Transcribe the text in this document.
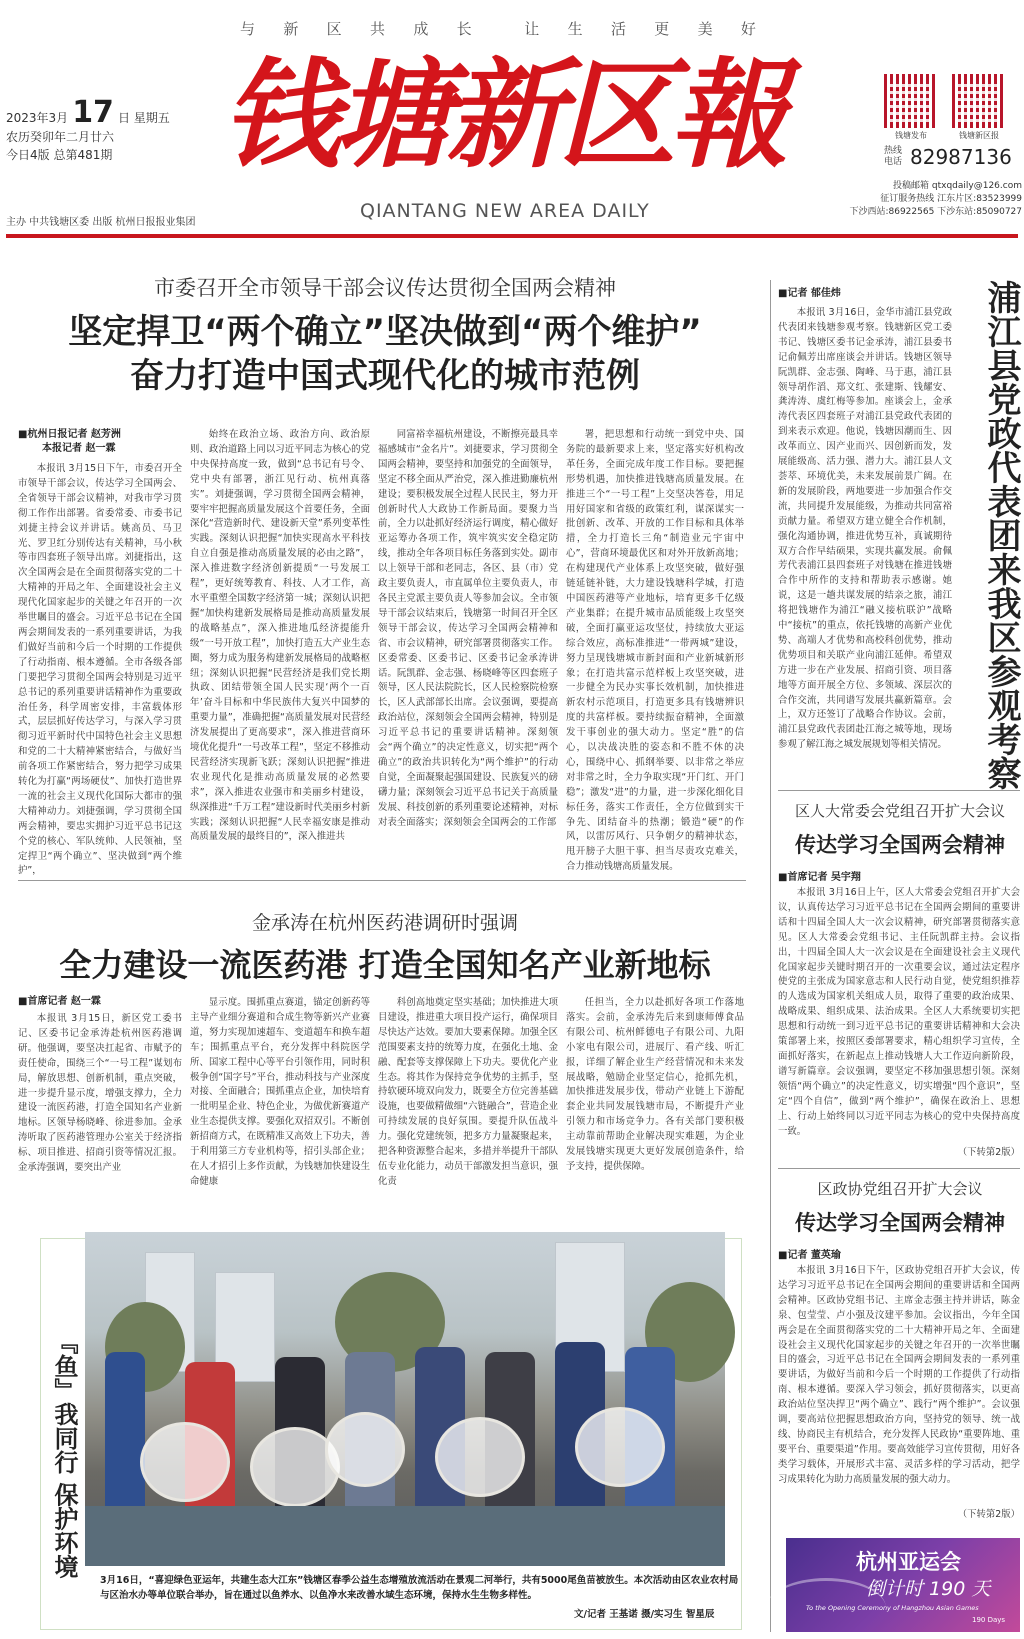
与 新 区 共 成 长	让 生 活 更 美 好
2023年3月 17 日 星期五
农历癸卯年二月廿六
今日4版 总第481期
主办 中共钱塘区委 出版 杭州日报报业集团
钱塘新区報
QIANTANG NEW AREA DAILY
钱塘发布	钱塘新区报
热线电话 82987136
投稿邮箱 qtxqdaily@126.com
征订服务热线 江东片区:83523999
下沙西站:86922565 下沙东站:85090727
市委召开全市领导干部会议传达贯彻全国两会精神
坚定捍卫“两个确立”坚决做到“两个维护”
奋力打造中国式现代化的城市范例
■杭州日报记者 赵芳洲
本报记者 赵一霖

本报讯 3月15日下午，市委召开全市领导干部会议，传达学习全国两会、全省领导干部会议精神，对我市学习贯彻工作作出部署。省委常委、市委书记刘捷主持会议并讲话。姚高员、马卫光、罗卫红分别传达有关精神，马小秋等市四套班子领导出席。刘捷指出，这次全国两会是在全面贯彻落实党的二十大精神的开局之年、全面建设社会主义现代化国家起步的关键之年召开的一次举世瞩目的盛会。习近平总书记在全国两会期间发表的一系列重要讲话，为我们做好当前和今后一个时期的工作提供了行动指南、根本遵循。全市各级各部门要把学习贯彻全国两会特别是习近平总书记的系列重要讲话精神作为重要政治任务，科学周密安排，丰富载体形式，层层抓好传达学习，与深入学习贯彻习近平新时代中国特色社会主义思想和党的二十大精神紧密结合，与做好当前各项工作紧密结合，努力把学习成果转化为打赢“两场硬仗”、加快打造世界一流的社会主义现代化国际大都市的强大精神动力。刘捷强调，学习贯彻全国两会精神，要忠实拥护习近平总书记这个党的核心、军队统帅、人民领袖，坚定捍卫“两个确立”、坚决做到“两个维护”，

始终在政治立场、政治方向、政治原则、政治道路上同以习近平同志为核心的党中央保持高度一致，做到“总书记有号令、党中央有部署，浙江见行动、杭州真落实”。刘捷强调，学习贯彻全国两会精神，要牢牢把握高质量发展这个首要任务，全面深化“营造新时代、建设新天堂”系列变革性实践。深刻认识把握“加快实现高水平科技自立自强是推动高质量发展的必由之路”，深入推进数字经济创新提质“一号发展工程”，更好统筹教育、科技、人才工作，高水平重塑全国数字经济第一城；深刻认识把握“加快构建新发展格局是推动高质量发展的战略基点”，深入推进地瓜经济提能升级“一号开放工程”，加快打造五大产业生态圈，努力成为服务构建新发展格局的战略枢纽；深刻认识把握“民营经济是我们党长期执政、团结带领全国人民实现‘两个一百年’奋斗目标和中华民族伟大复兴中国梦的重要力量”，准确把握“高质量发展对民营经济发展提出了更高要求”，深入推进营商环境优化提升“一号改革工程”，坚定不移推动民营经济实现新飞跃；深刻认识把握“推进农业现代化是推动高质量发展的必然要求”，深入推进农业强市和美丽乡村建设，纵深推进“千万工程”建设新时代美丽乡村新实践；深刻认识把握“人民幸福安康是推动高质量发展的最终目的”，深入推进共

同富裕幸福杭州建设，不断擦亮最具幸福感城市“金名片”。刘捷要求，学习贯彻全国两会精神，要坚持和加强党的全面领导，坚定不移全面从严治党，深入推进勤廉杭州建设；要积极发展全过程人民民主，努力开创新时代人大政协工作新局面。要聚力当前，全力以赴抓好经济运行调度，精心做好亚运筹办各项工作，筑牢筑实安全稳定防线，推动全年各项目标任务落到实处。副市以上领导干部和老同志，各区、县（市）党政主要负责人，市直属单位主要负责人，市各民主党派主要负责人等参加会议。全市领导干部会议结束后，钱塘第一时间召开全区领导干部会议，传达学习全国两会精神和省、市会议精神，研究部署贯彻落实工作。区委常委、区委书记、区委书记金承涛讲话。阮凯群、金志强、杨晓峰等区四套班子领导，区人民法院院长，区人民检察院检察长，区人武部部长出席。会议强调，要提高政治站位，深刻领会全国两会精神，特别是习近平总书记的重要讲话精神。深刻领会“两个确立”的决定性意义，切实把“两个确立”的政治共识转化为“两个维护”的行动自觉，全面凝聚起强国建设、民族复兴的磅礴力量；深刻领会习近平总书记关于高质量发展、科技创新的系列重要论述精神，对标对表全面落实；深刻领会全国两会的工作部

署，把思想和行动统一到党中央、国务院的最新要求上来，坚定落实好机构改革任务，全面完成年度工作目标。要把握形势机遇，加快推进钱塘高质量发展。在推进三个“一号工程”上交坚决答卷，用足用好国家和省级的政策红利，谋深谋实一批创新、改革、开放的工作目标和具体举措，全力打造长三角“制造业元宇宙中心”，营商环境最优区和对外开放新高地；在构建现代产业体系上攻坚突破，做好强链延链补链，大力建设钱塘科学城，打造中国医药港等产业地标，培育更多千亿级产业集群；在提升城市品质能级上攻坚突破，全面打赢亚运攻坚仗，持续放大亚运综合效应，高标准推进“一带两城”建设，努力呈现钱塘城市新封面和产业新城新形象；在打造共富示范样板上攻坚突破，进一步健全为民办实事长效机制，加快推进新农村示范项目，打造更多具有钱塘辨识度的共富样板。要持续振奋精神，全面激发干事创业的强大动力。坚定“胜”的信心，以决战决胜的姿态和不胜不休的决心，围绕中心、抓纲举要、以非常之举应对非常之时，全力争取实现“开门红、开门稳”；激发“进”的力量，进一步深化细化目标任务，落实工作责任，全方位做到实干争先、团结奋斗的热潮；锻造“硬”的作风，以雷厉风行、只争朝夕的精神状态，甩开膀子大胆干事、担当尽责攻克难关，合力推动钱塘高质量发展。

金承涛在杭州医药港调研时强调
全力建设一流医药港 打造全国知名产业新地标
■首席记者 赵一霖

本报讯 3月15日，新区党工委书记、区委书记金承涛赴杭州医药港调研。他强调，要坚决扛起省、市赋予的责任使命，围绕三个“一号工程”谋划布局，解放思想、创新机制，重点突破，进一步提升显示度，增强支撑力，全力建设一流医药港，打造全国知名产业新地标。区领导杨晓峰、徐进参加。金承涛听取了医药港管理办公室关于经济指标、项目推进、招商引资等情况汇报。金承涛强调，要突出产业

显示度。围抓重点赛道，锚定创新药等主导产业细分赛道和合成生物等新兴产业赛道，努力实现加速超车、变道超车和换车超车；围抓重点平台，充分发挥中科院医学所、国家工程中心等平台引领作用，同时积极争创“国字号”平台，推动科技与产业深度对接、全面融合；围抓重点企业，加快培育一批明星企业、特色企业，为做优新赛道产业生态提供支撑。要强化双招双引。不断创新招商方式，在既精准又高效上下功夫，善于利用第三方专业机构等，招引头部企业；在人才招引上多作贡献，为钱塘加快建设生命健康

科创高地奠定坚实基础；加快推进大项目建设，推进重大项目投产运行，确保项目尽快达产达效。要加大要素保障。加强全区范围要素支持的统筹力度，在强化土地、金融、配套等支撑保障上下功夫。要优化产业生态。将其作为保持竞争优势的主抓手，坚持软硬环境双向发力，既要全方位完善基础设施，也要做精做细“六链融合”，营造企业可持续发展的良好氛围。要提升队伍战斗力。强化党建统领，把多方力量凝聚起来，把各种资源整合起来，多措并举提升干部队伍专业化能力，动员干部激发担当意识，强化责

任担当，全力以赴抓好各项工作落地落实。会前，金承涛先后来到康师傅食品有限公司、杭州鲜德电子有限公司、九阳小家电有限公司，进展厅、看产线、听汇报，详细了解企业生产经营情况和未来发展战略，勉励企业坚定信心，抢抓先机，加快推进发展步伐，带动产业链上下游配套企业共同发展钱塘市局，不断提升产业引领力和市场竞争力。各有关部门要积极主动靠前帮助企业解决现实难题，为企业发展钱塘实现更大更好发展创造条件，给予支持，提供保障。

『鱼』我同行 保护环境
3月16日，“喜迎绿色亚运年，共建生态大江东”钱塘区春季公益生态增殖放流活动在景观二河举行，共有5000尾鱼苗被放生。本次活动由区农业农村局与区治水办等单位联合举办，旨在通过以鱼养水、以鱼净水来改善水域生态环境，保持水生生物多样性。
文/记者 王基诺 摄/实习生 智星辰
■记者 郁佳炜	浦江县党政代表团来我区参观考察

本报讯 3月16日，金华市浦江县党政代表团来钱塘参观考察。钱塘新区党工委书记、钱塘区委书记金承涛，浦江县委书记俞佩芳出席座谈会并讲话。钱塘区领导阮凯群、金志强、陶峰、马于惠，浦江县领导胡作滔、郑文红、张建斯、钱耀安、龚涛涛、虞红梅等参加。座谈会上，金承涛代表区四套班子对浦江县党政代表团的到来表示欢迎。他说，钱塘因潮而生、因改革而立、因产业而兴、因创新而发，发展能级高、活力强、潜力大。浦江县人文荟萃、环境优美，未来发展前景广阔。在新的发展阶段，两地要进一步加强合作交流，共同提升发展能级，为推动共同富裕贡献力量。希望双方建立健全合作机制，强化沟通协调，推进优势互补，真诚期待双方合作早结硕果，实现共赢发展。俞佩芳代表浦江县四套班子对钱塘在推进钱塘合作中所作的支持和帮助表示感谢。她说，这是一趟共谋发展的结亲之旅，浦江将把钱塘作为浦江“融义接杭联沪”战略中“接杭”的重点，依托钱塘的高新产业优势、高端人才优势和高校科创优势，推动优势项目和关联产业向浦江延伸。希望双方进一步在产业发展、招商引资、项目落地等方面开展全方位、多领域、深层次的合作交流，共同谱写发展共赢新篇章。会上，双方还签订了战略合作协议。会前，浦江县党政代表团赴江海之城等地，现场参观了解江海之城发展规划等相关情况。

区人大常委会党组召开扩大会议
传达学习全国两会精神
■首席记者 吴宇翔

本报讯 3月16日上午，区人大常委会党组召开扩大会议，认真传达学习习近平总书记在全国两会期间的重要讲话和十四届全国人大一次会议精神，研究部署贯彻落实意见。区人大常委会党组书记、主任阮凯群主持。会议指出，十四届全国人大一次会议是在全面建设社会主义现代化国家起步关键时期召开的一次重要会议，通过法定程序使党的主张成为国家意志和人民行动自觉，使党组织推荐的人选成为国家机关组成人员，取得了重要的政治成果、战略成果、组织成果、法治成果。全区人大系统要切实把思想和行动统一到习近平总书记的重要讲话精神和大会决策部署上来，按照区委部署要求，精心组织学习宣传，全面抓好落实，在新起点上推动钱塘人大工作迈向新阶段，谱写新篇章。会议强调，要坚定不移加强思想引领。深刻领悟“两个确立”的决定性意义，切实增强“四个意识”，坚定“四个自信”，做到“两个维护”，确保在政治上、思想上、行动上始终同以习近平同志为核心的党中央保持高度一致。

（下转第2版）
区政协党组召开扩大会议
传达学习全国两会精神
■记者 董英瑜

本报讯 3月16日下午，区政协党组召开扩大会议，传达学习习近平总书记在全国两会期间的重要讲话和全国两会精神。区政协党组书记、主席金志强主持并讲话，陈金泉、包莹莹、卢小强及汶建平参加。会议指出，今年全国两会是在全面贯彻落实党的二十大精神开局之年、全面建设社会主义现代化国家起步的关键之年召开的一次举世瞩目的盛会，习近平总书记在全国两会期间发表的一系列重要讲话，为做好当前和今后一个时期的工作提供了行动指南、根本遵循。要深入学习领会，抓好贯彻落实，以更高政治站位坚决捍卫“两个确立”、践行“两个维护”。会议强调，要高站位把握思想政治方向，坚持党的领导、统一战线、协商民主有机结合，充分发挥人民政协“重要阵地、重要平台、重要渠道”作用。要高效能学习宣传贯彻，用好各类学习载体，开展形式丰富、灵活多样的学习活动，把学习成果转化为助力高质量发展的强大动力。

（下转第2版）
杭州亚运会
倒计时 190 天
To the Opening Ceremony of Hangzhou Asian Games
190 Days
